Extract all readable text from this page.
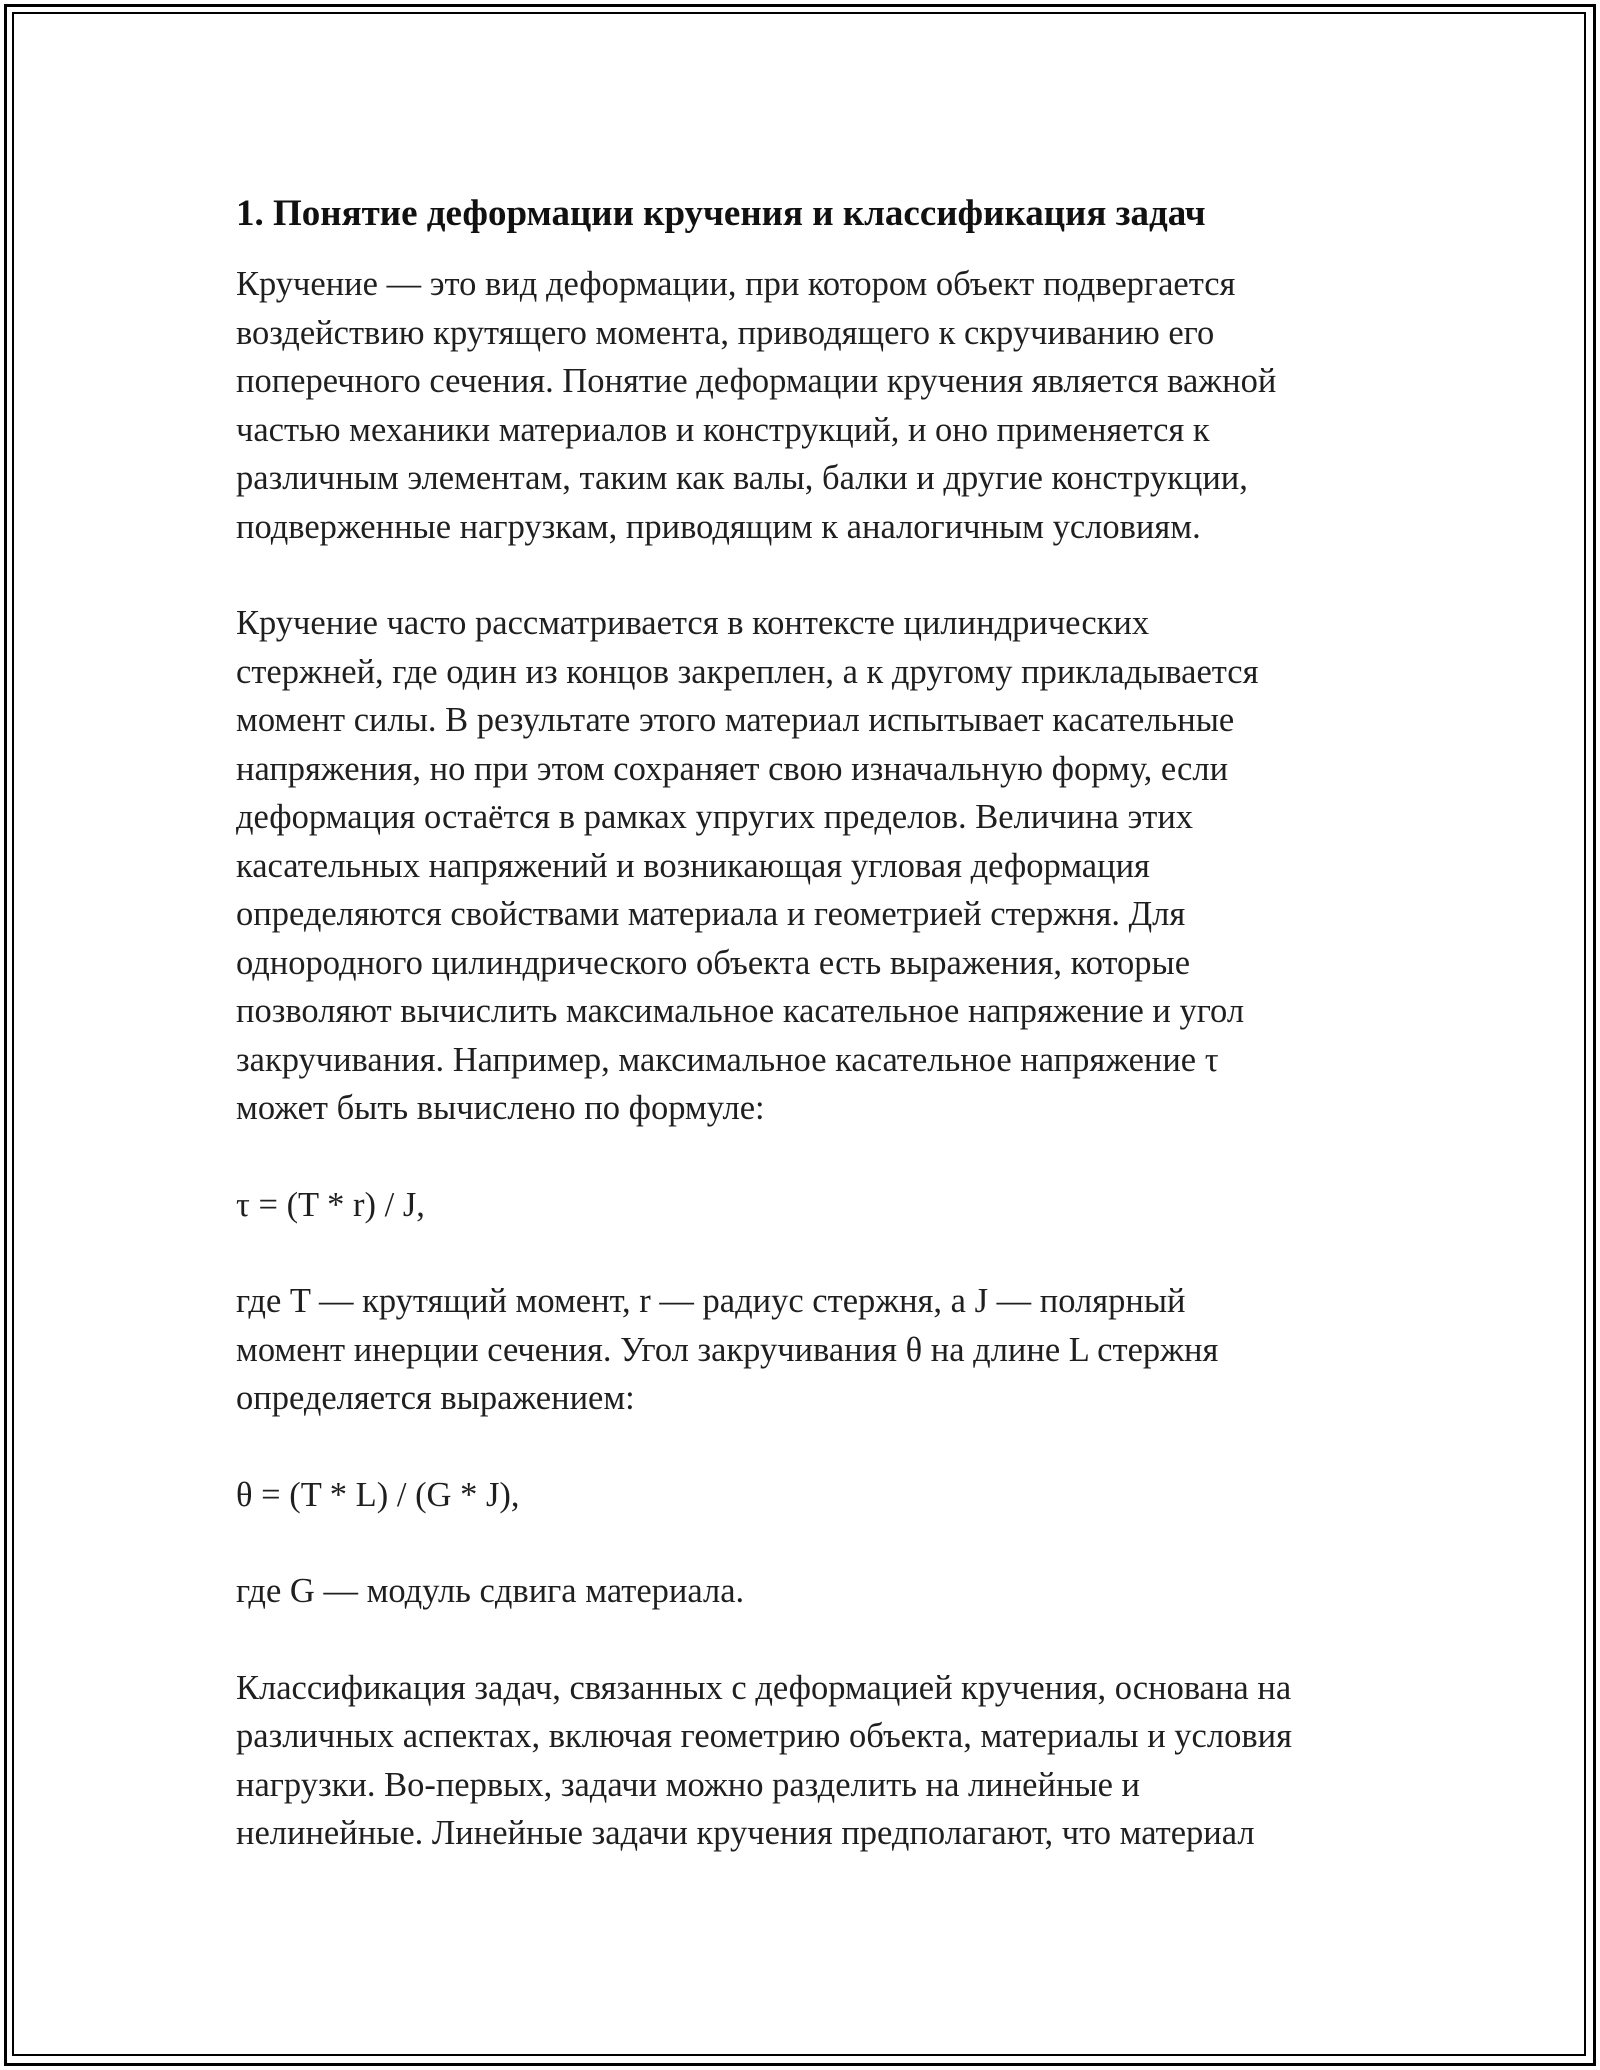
1. Понятие деформации кручения и классификация задач

Кручение — это вид деформации, при котором объект подвергается
воздействию крутящего момента, приводящего к скручиванию его
поперечного сечения. Понятие деформации кручения является важной
частью механики материалов и конструкций, и оно применяется к
различным элементам, таким как валы, балки и другие конструкции,
подверженные нагрузкам, приводящим к аналогичным условиям.

Кручение часто рассматривается в контексте цилиндрических
стержней, где один из концов закреплен, а к другому прикладывается
момент силы. В результате этого материал испытывает касательные
напряжения, но при этом сохраняет свою изначальную форму, если
деформация остаётся в рамках упругих пределов. Величина этих
касательных напряжений и возникающая угловая деформация
определяются свойствами материала и геометрией стержня. Для
однородного цилиндрического объекта есть выражения, которые
позволяют вычислить максимальное касательное напряжение и угол
закручивания. Например, максимальное касательное напряжение τ
может быть вычислено по формуле:

τ = (T * r) / J,

где T — крутящий момент, r — радиус стержня, а J — полярный
момент инерции сечения. Угол закручивания θ на длине L стержня
определяется выражением:

θ = (T * L) / (G * J),

где G — модуль сдвига материала.

Классификация задач, связанных с деформацией кручения, основана на
различных аспектах, включая геометрию объекта, материалы и условия
нагрузки. Во-первых, задачи можно разделить на линейные и
нелинейные. Линейные задачи кручения предполагают, что материал
